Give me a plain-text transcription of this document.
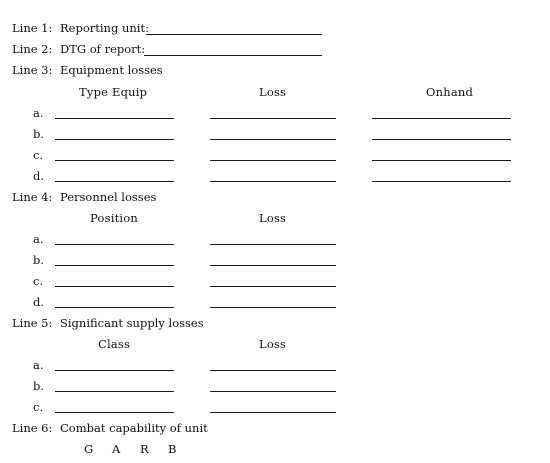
Line 1: Reporting unit:
Line 2: DTG of report:
Line 3: Equipment losses
Type Equip	Loss	Onhand
a.
b.
c.
d.
Line 4: Personnel losses
Position	Loss
a.
b.
c.
d.
Line 5: Significant supply losses
Class	Loss
a.
b.
c.
Line 6: Combat capability of unit
G A R B
